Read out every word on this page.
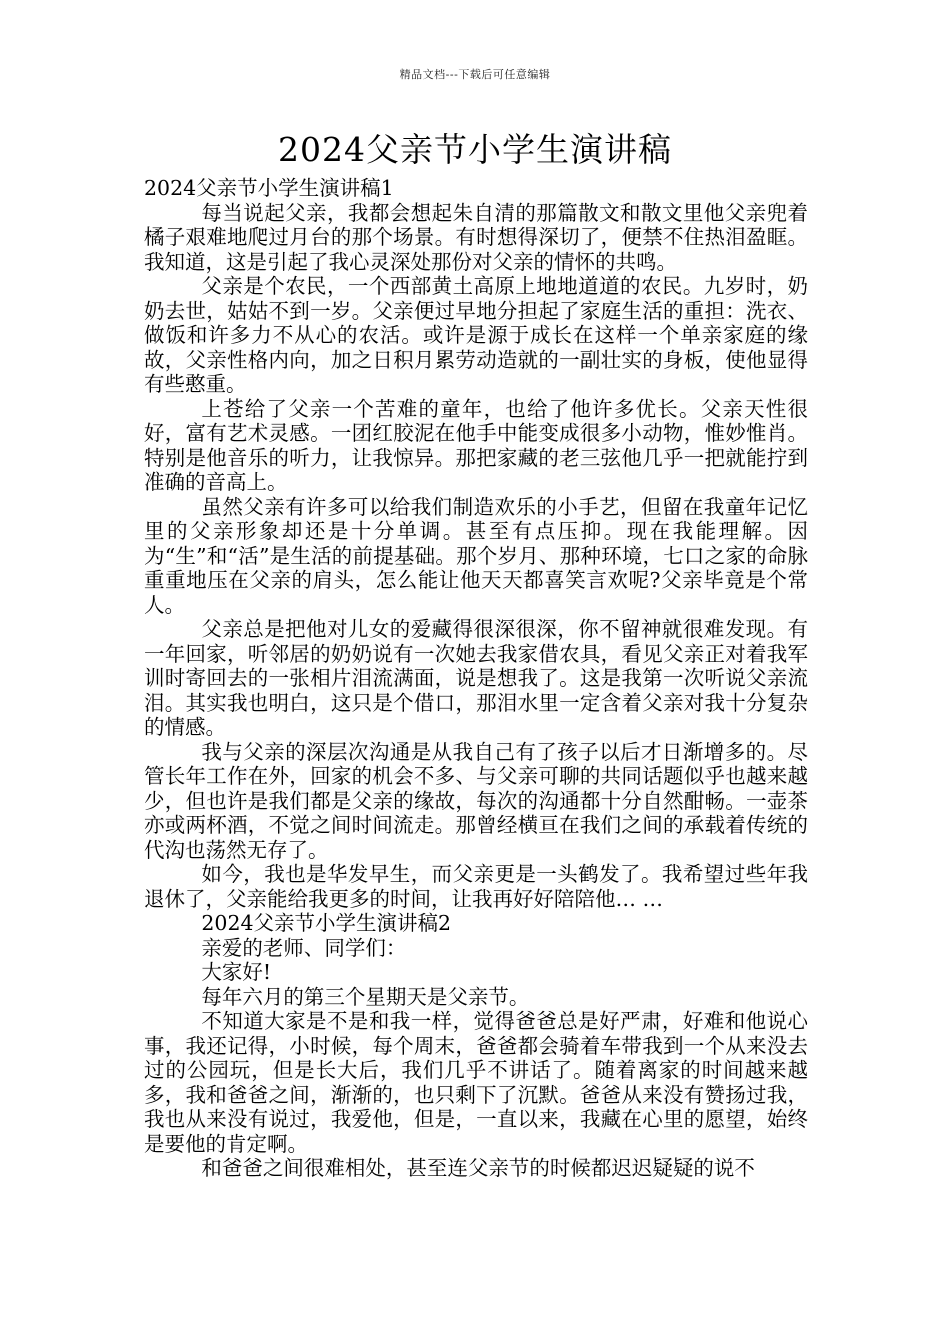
精品文档---下载后可任意编辑
2024父亲节小学生演讲稿

2024父亲节小学生演讲稿1

每当说起父亲，我都会想起朱自清的那篇散文和散文里他父亲兜着橘子艰难地爬过月台的那个场景。有时想得深切了，便禁不住热泪盈眶。我知道，这是引起了我心灵深处那份对父亲的情怀的共鸣。

父亲是个农民，一个西部黄土高原上地地道道的农民。九岁时，奶奶去世，姑姑不到一岁。父亲便过早地分担起了家庭生活的重担：洗衣、做饭和许多力不从心的农活。或许是源于成长在这样一个单亲家庭的缘故，父亲性格内向，加之日积月累劳动造就的一副壮实的身板，使他显得有些憨重。

上苍给了父亲一个苦难的童年，也给了他许多优长。父亲天性很好，富有艺术灵感。一团红胶泥在他手中能变成很多小动物，惟妙惟肖。特别是他音乐的听力，让我惊异。那把家藏的老三弦他几乎一把就能拧到准确的音高上。

虽然父亲有许多可以给我们制造欢乐的小手艺，但留在我童年记忆里的父亲形象却还是十分单调。甚至有点压抑。现在我能理解。因为“生”和“活”是生活的前提基础。那个岁月、那种环境，七口之家的命脉重重地压在父亲的肩头，怎么能让他天天都喜笑言欢呢?父亲毕竟是个常人。

父亲总是把他对儿女的爱藏得很深很深，你不留神就很难发现。有一年回家，听邻居的奶奶说有一次她去我家借农具，看见父亲正对着我军训时寄回去的一张相片泪流满面，说是想我了。这是我第一次听说父亲流泪。其实我也明白，这只是个借口，那泪水里一定含着父亲对我十分复杂的情感。

我与父亲的深层次沟通是从我自己有了孩子以后才日渐增多的。尽管长年工作在外，回家的机会不多、与父亲可聊的共同话题似乎也越来越少，但也许是我们都是父亲的缘故，每次的沟通都十分自然酣畅。一壶茶亦或两杯酒，不觉之间时间流走。那曾经横亘在我们之间的承载着传统的代沟也荡然无存了。

如今，我也是华发早生，而父亲更是一头鹤发了。我希望过些年我退休了，父亲能给我更多的时间，让我再好好陪陪他… …

2024父亲节小学生演讲稿2

亲爱的老师、同学们：

大家好!

每年六月的第三个星期天是父亲节。

不知道大家是不是和我一样，觉得爸爸总是好严肃，好难和他说心事，我还记得，小时候，每个周末，爸爸都会骑着车带我到一个从来没去过的公园玩，但是长大后，我们几乎不讲话了。随着离家的时间越来越多，我和爸爸之间，渐渐的，也只剩下了沉默。爸爸从来没有赞扬过我，我也从来没有说过，我爱他，但是，一直以来，我藏在心里的愿望，始终是要他的肯定啊。

和爸爸之间很难相处，甚至连父亲节的时候都迟迟疑疑的说不
